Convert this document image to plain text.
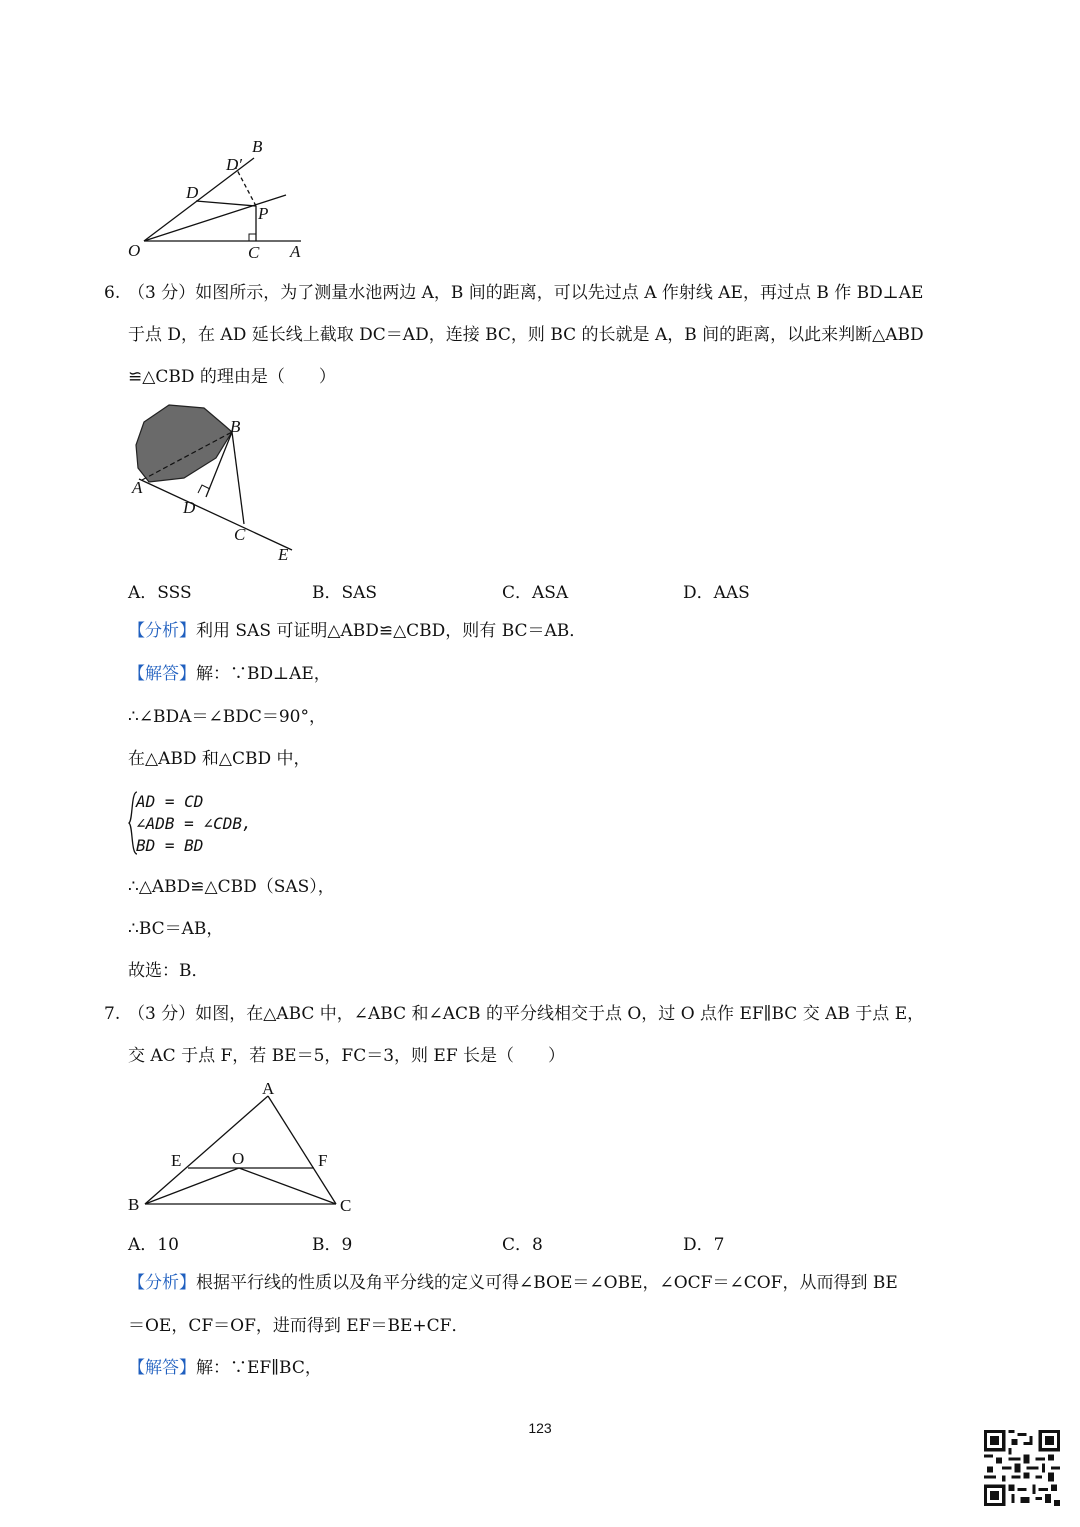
B
D′
D
P
O	C A
6. （3 分）如图所示，为了测量水池两边 A，B 间的距离，可以先过点 A 作射线 AE，再过点 B 作 BD⊥AE
于点 D，在 AD 延长线上截取 DC＝AD，连接 BC，则 BC 的长就是 A，B 间的距离，以此来判断△ABD
≌△CBD 的理由是（　　）
B
A
D
C
E
A．SSS	B．SAS	C．ASA	D．AAS
【分析】利用 SAS 可证明△ABD≌△CBD，则有 BC＝AB．
【解答】解：∵BD⊥AE，
∴∠BDA＝∠BDC＝90°，
在△ABD 和△CBD 中，
AD = CD
∠ADB = ∠CDB,
BD = BD
∴△ABD≌△CBD（SAS），
∴BC＝AB，
故选：B．
7. （3 分）如图，在△ABC 中，∠ABC 和∠ACB 的平分线相交于点 O，过 O 点作 EF∥BC 交 AB 于点 E，
交 AC 于点 F，若 BE＝5，FC＝3，则 EF 长是（　　）
A
E	O	F
B	C
A．10	B．9	C．8	D．7
【分析】根据平行线的性质以及角平分线的定义可得∠BOE＝∠OBE，∠OCF＝∠COF，从而得到 BE
＝OE，CF＝OF，进而得到 EF＝BE+CF．
【解答】解：∵EF∥BC，
123
